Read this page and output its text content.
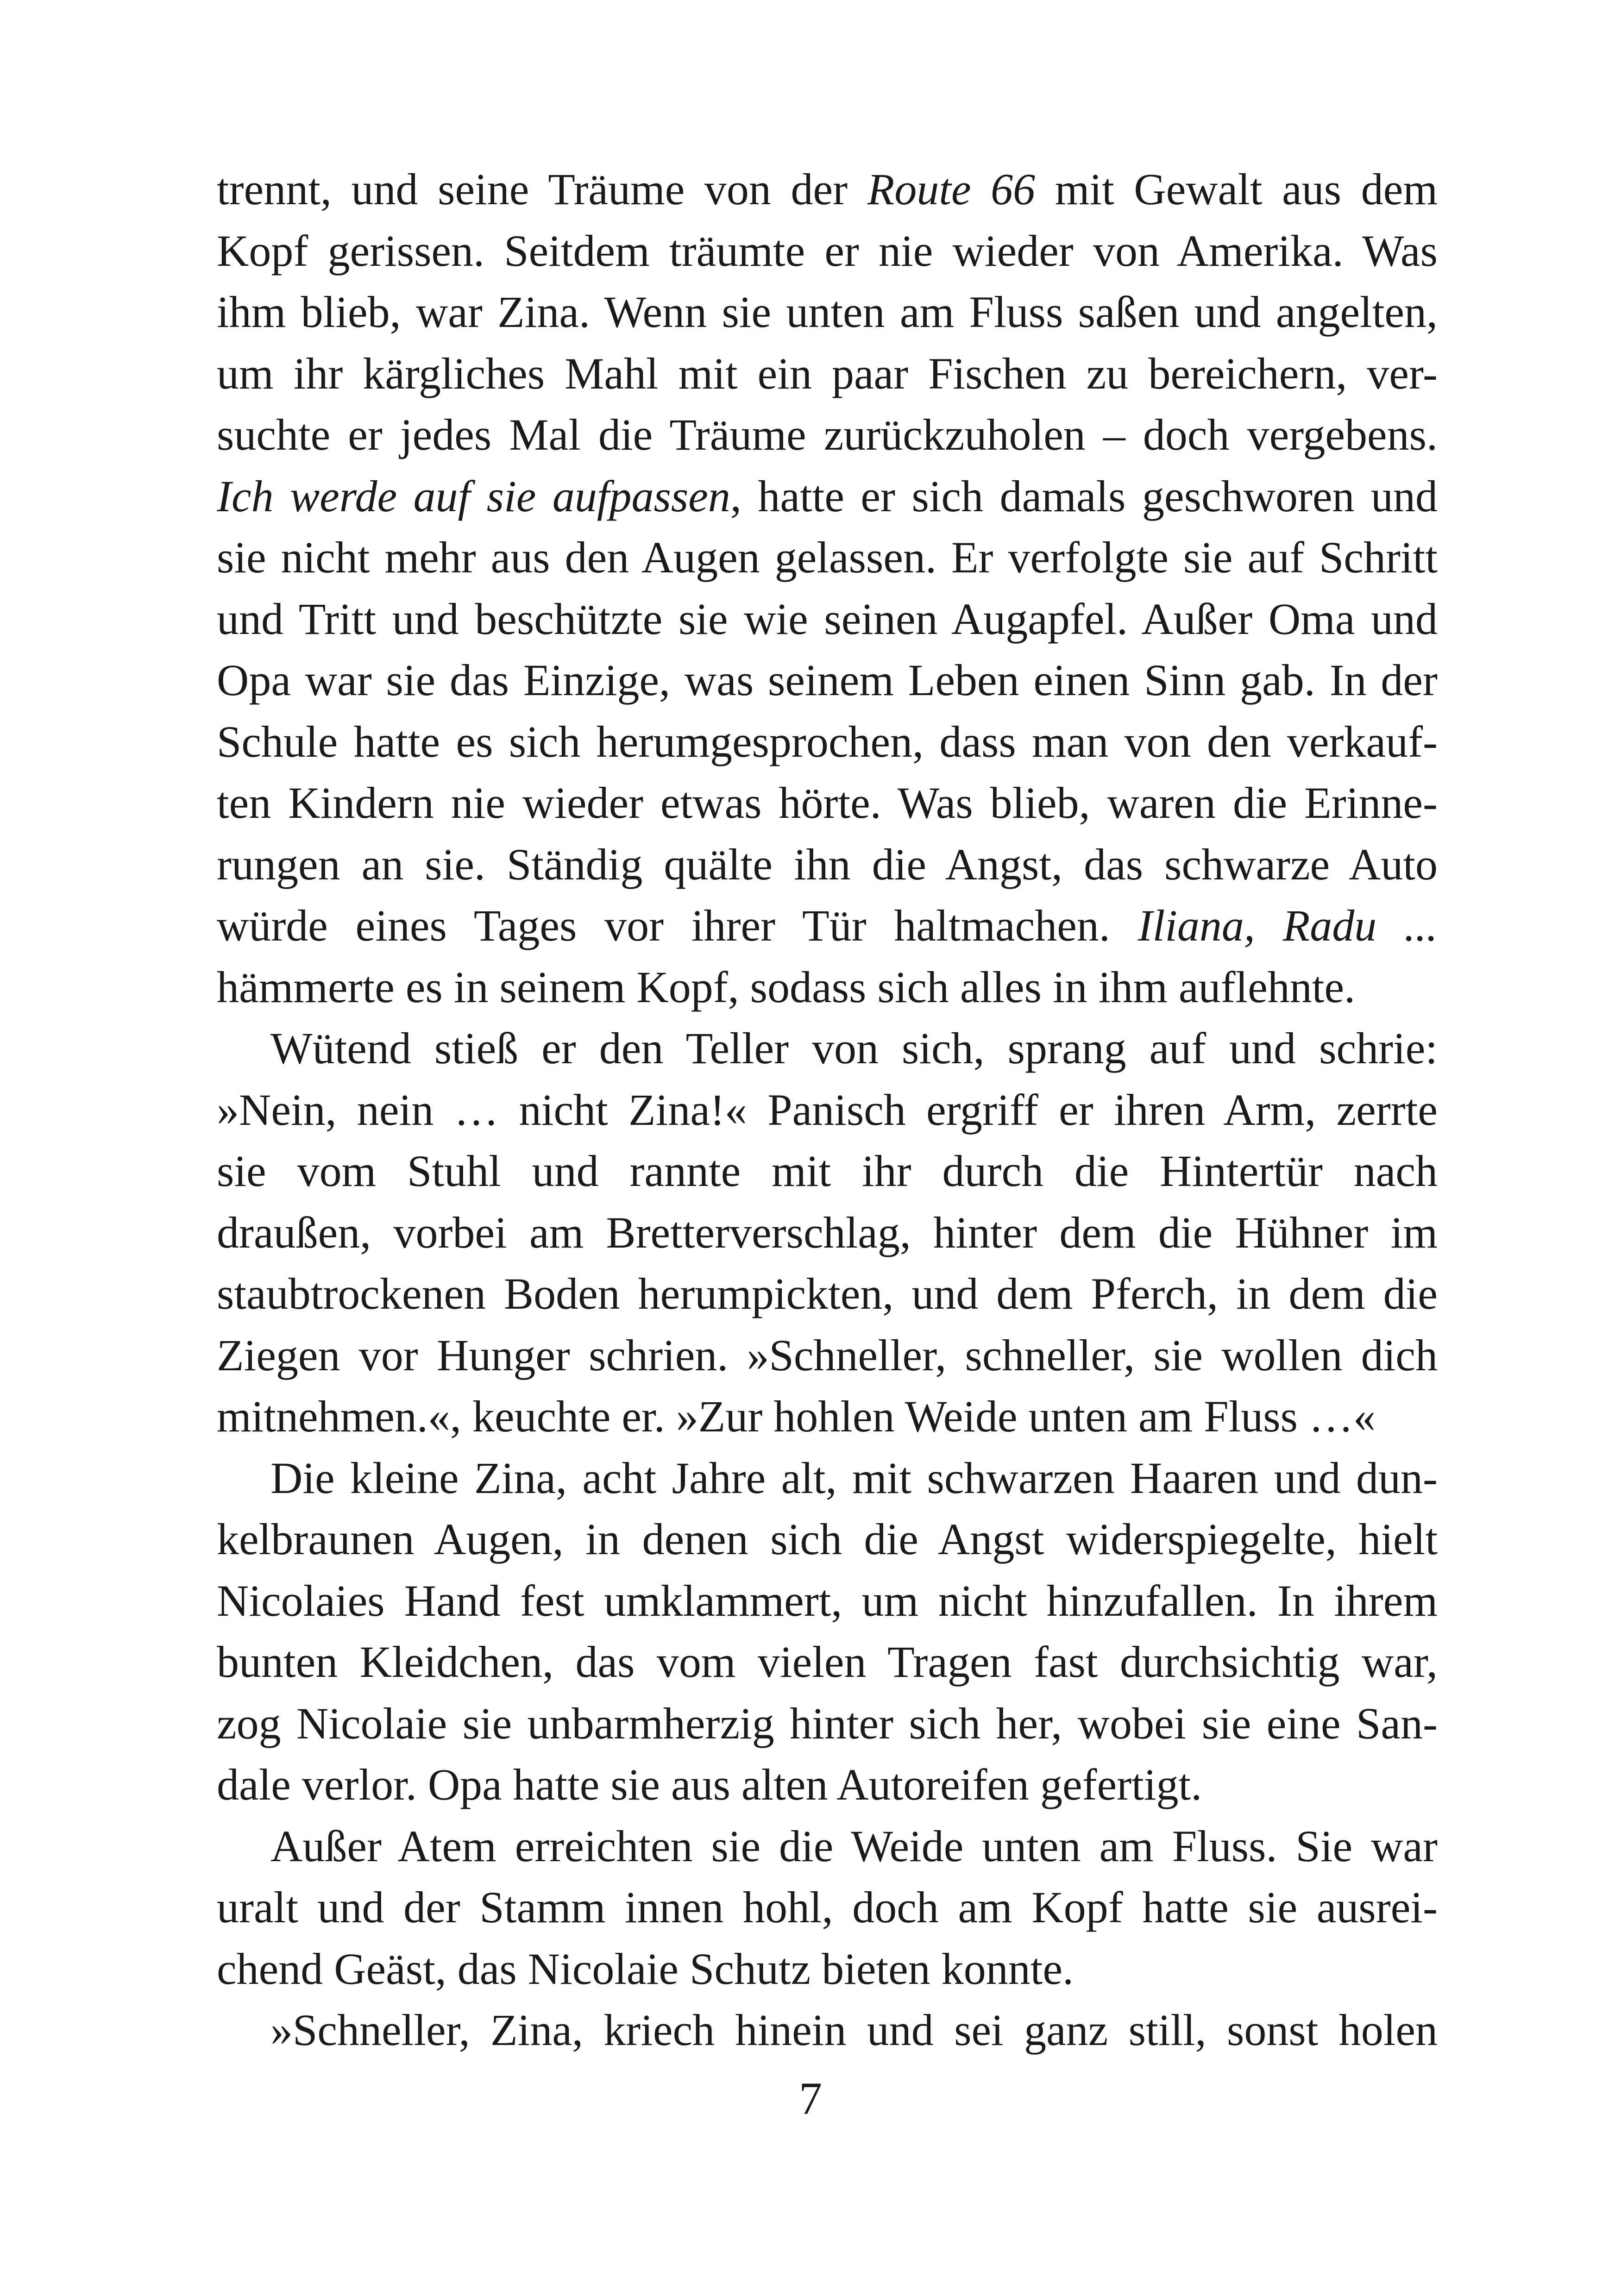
trennt, und seine Träume von der Route 66 mit Gewalt aus dem
Kopf gerissen. Seitdem träumte er nie wieder von Amerika. Was
ihm blieb, war Zina. Wenn sie unten am Fluss saßen und angelten,
um ihr kärgliches Mahl mit ein paar Fischen zu bereichern, ver-
suchte er jedes Mal die Träume zurückzuholen – doch vergebens.
Ich werde auf sie aufpassen, hatte er sich damals geschworen und
sie nicht mehr aus den Augen gelassen. Er verfolgte sie auf Schritt
und Tritt und beschützte sie wie seinen Augapfel. Außer Oma und
Opa war sie das Einzige, was seinem Leben einen Sinn gab. In der
Schule hatte es sich herumgesprochen, dass man von den verkauf-
ten Kindern nie wieder etwas hörte. Was blieb, waren die Erinne-
rungen an sie. Ständig quälte ihn die Angst, das schwarze Auto
würde eines Tages vor ihrer Tür haltmachen. Iliana, Radu ...
hämmerte es in seinem Kopf, sodass sich alles in ihm auflehnte.
Wütend stieß er den Teller von sich, sprang auf und schrie:
»Nein, nein … nicht Zina!« Panisch ergriff er ihren Arm, zerrte
sie vom Stuhl und rannte mit ihr durch die Hintertür nach
draußen, vorbei am Bretterverschlag, hinter dem die Hühner im
staubtrockenen Boden herumpickten, und dem Pferch, in dem die
Ziegen vor Hunger schrien. »Schneller, schneller, sie wollen dich
mitnehmen.«, keuchte er. »Zur hohlen Weide unten am Fluss …«
Die kleine Zina, acht Jahre alt, mit schwarzen Haaren und dun-
kelbraunen Augen, in denen sich die Angst widerspiegelte, hielt
Nicolaies Hand fest umklammert, um nicht hinzufallen. In ihrem
bunten Kleidchen, das vom vielen Tragen fast durchsichtig war,
zog Nicolaie sie unbarmherzig hinter sich her, wobei sie eine San-
dale verlor. Opa hatte sie aus alten Autoreifen gefertigt.
Außer Atem erreichten sie die Weide unten am Fluss. Sie war
uralt und der Stamm innen hohl, doch am Kopf hatte sie ausrei-
chend Geäst, das Nicolaie Schutz bieten konnte.
»Schneller, Zina, kriech hinein und sei ganz still, sonst holen
7
